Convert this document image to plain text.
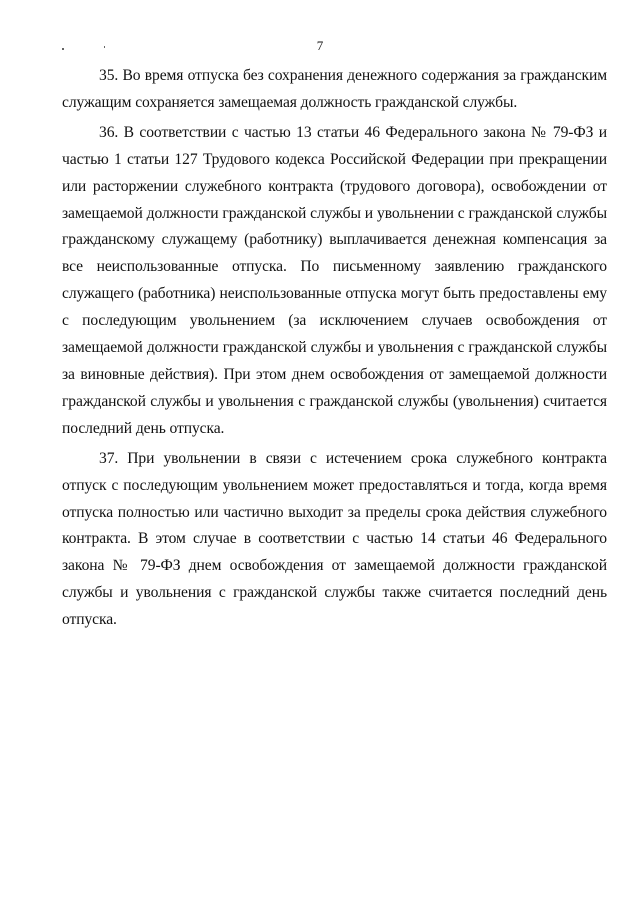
7

35. Во время отпуска без сохранения денежного содержания за гражданским служащим сохраняется замещаемая должность гражданской службы.

36. В соответствии с частью 13 статьи 46 Федерального закона № 79-ФЗ и частью 1 статьи 127 Трудового кодекса Российской Федерации при прекращении или расторжении служебного контракта (трудового договора), освобождении от замещаемой должности гражданской службы и увольнении с гражданской службы гражданскому служащему (работнику) выплачивается денежная компенсация за все неиспользованные отпуска. По письменному заявлению гражданского служащего (работника) неиспользованные отпуска могут быть предоставлены ему с последующим увольнением (за исключением случаев освобождения от замещаемой должности гражданской службы и увольнения с гражданской службы за виновные действия). При этом днем освобождения от замещаемой должности гражданской службы и увольнения с гражданской службы (увольнения) считается последний день отпуска.

37. При увольнении в связи с истечением срока служебного контракта отпуск с последующим увольнением может предоставляться и тогда, когда время отпуска полностью или частично выходит за пределы срока действия служебного контракта. В этом случае в соответствии с частью 14 статьи 46 Федерального закона № 79-ФЗ днем освобождения от замещаемой должности гражданской службы и увольнения с гражданской службы также считается последний день отпуска.
